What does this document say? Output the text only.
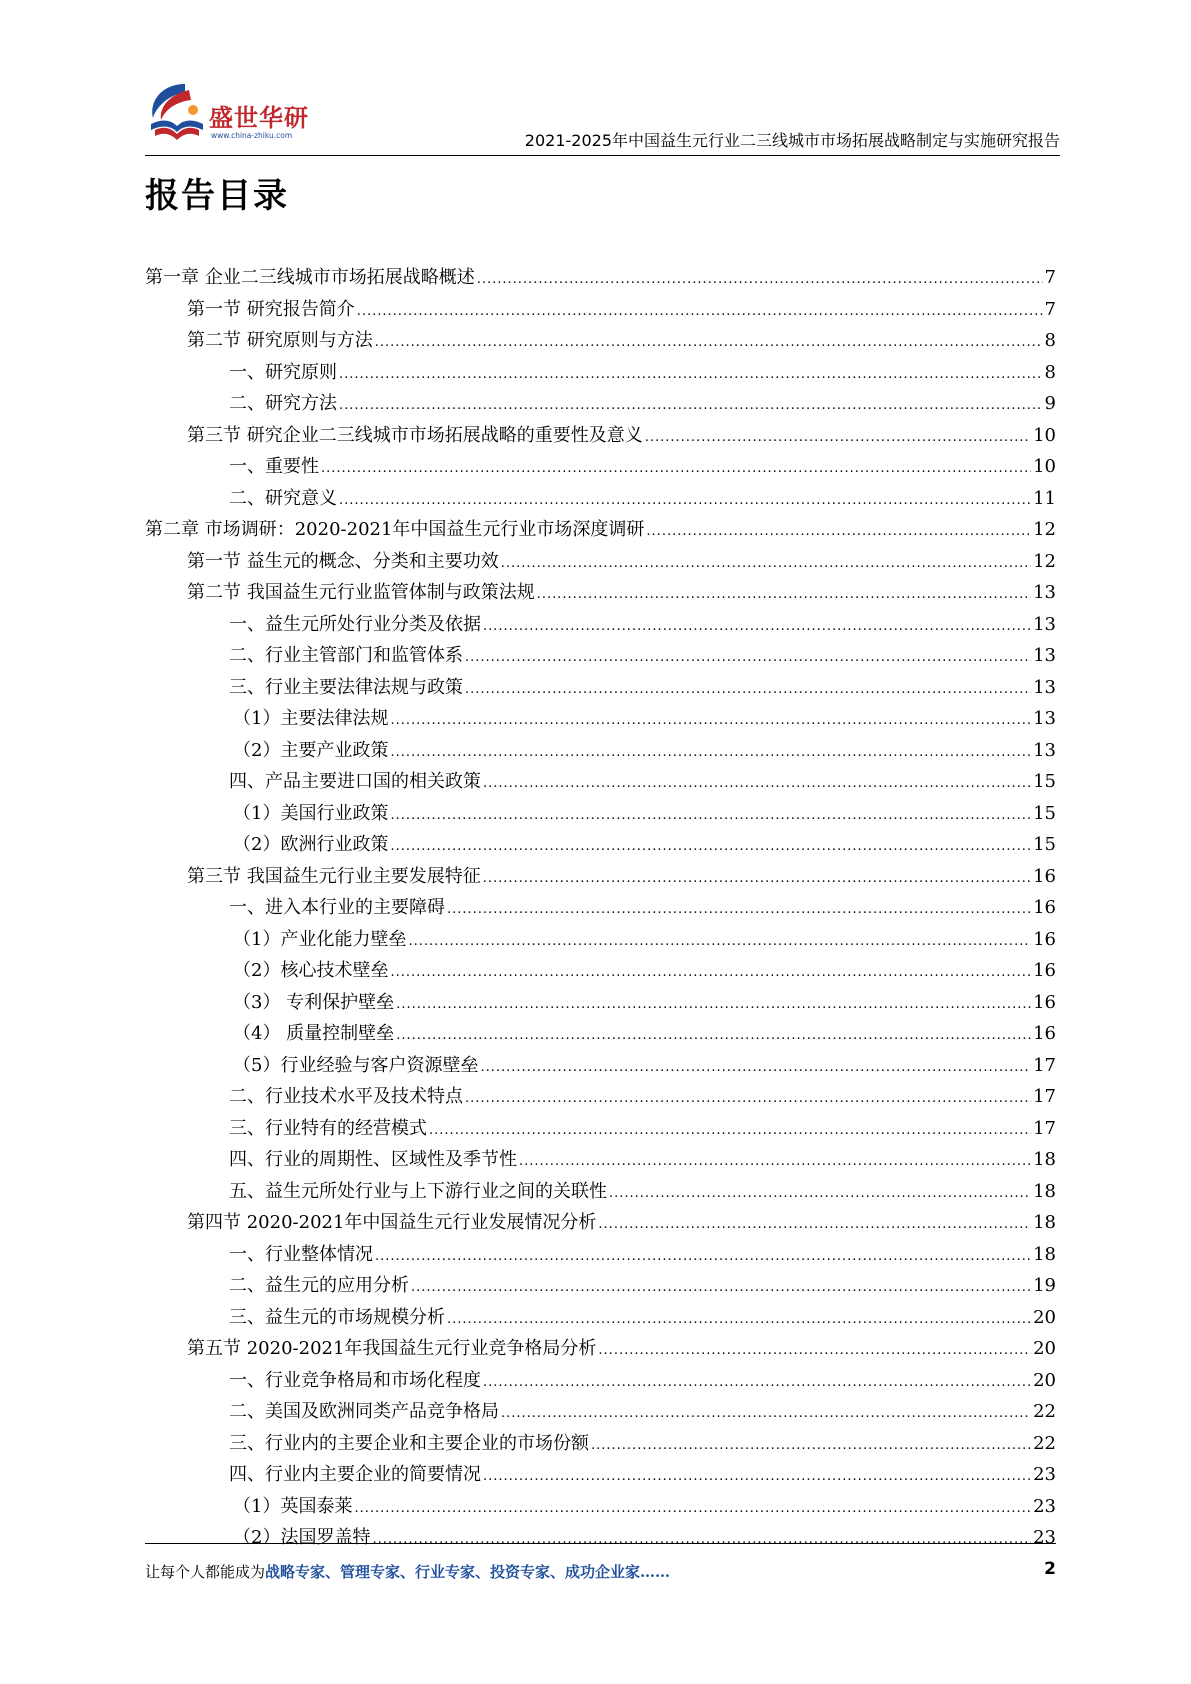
盛世华研
www.china-zhiku.com	2021-2025年中国益生元行业二三线城市市场拓展战略制定与实施研究报告
报告目录
第一章 企业二三线城市市场拓展战略概述 .....	7
第一节 研究报告简介 .....	7
第二节 研究原则与方法 .....	8
一、研究原则 .....	8
二、研究方法 .....	9
第三节 研究企业二三线城市市场拓展战略的重要性及意义 .....	10
一、重要性 .....	10
二、研究意义 .....	11
第二章 市场调研：2020-2021年中国益生元行业市场深度调研 .....	12
第一节 益生元的概念、分类和主要功效 .....	12
第二节 我国益生元行业监管体制与政策法规 .....	13
一、益生元所处行业分类及依据 .....	13
二、行业主管部门和监管体系 .....	13
三、行业主要法律法规与政策 .....	13
（1）主要法律法规 .....	13
（2）主要产业政策 .....	13
四、产品主要进口国的相关政策 .....	15
（1）美国行业政策 .....	15
（2）欧洲行业政策 .....	15
第三节 我国益生元行业主要发展特征 .....	16
一、进入本行业的主要障碍 .....	16
（1）产业化能力壁垒 .....	16
（2）核心技术壁垒 .....	16
（3） 专利保护壁垒 .....	16
（4） 质量控制壁垒 .....	16
（5）行业经验与客户资源壁垒 .....	17
二、行业技术水平及技术特点 .....	17
三、行业特有的经营模式 .....	17
四、行业的周期性、区域性及季节性 .....	18
五、益生元所处行业与上下游行业之间的关联性 .....	18
第四节 2020-2021年中国益生元行业发展情况分析 .....	18
一、行业整体情况 .....	18
二、益生元的应用分析 .....	19
三、益生元的市场规模分析 .....	20
第五节 2020-2021年我国益生元行业竞争格局分析 .....	20
一、行业竞争格局和市场化程度 .....	20
二、美国及欧洲同类产品竞争格局 .....	22
三、行业内的主要企业和主要企业的市场份额 .....	22
四、行业内主要企业的简要情况 .....	23
（1）英国泰莱 .....	23
（2）法国罗盖特 .....	23
让每个人都能成为战略专家、管理专家、行业专家、投资专家、成功企业家……	2
